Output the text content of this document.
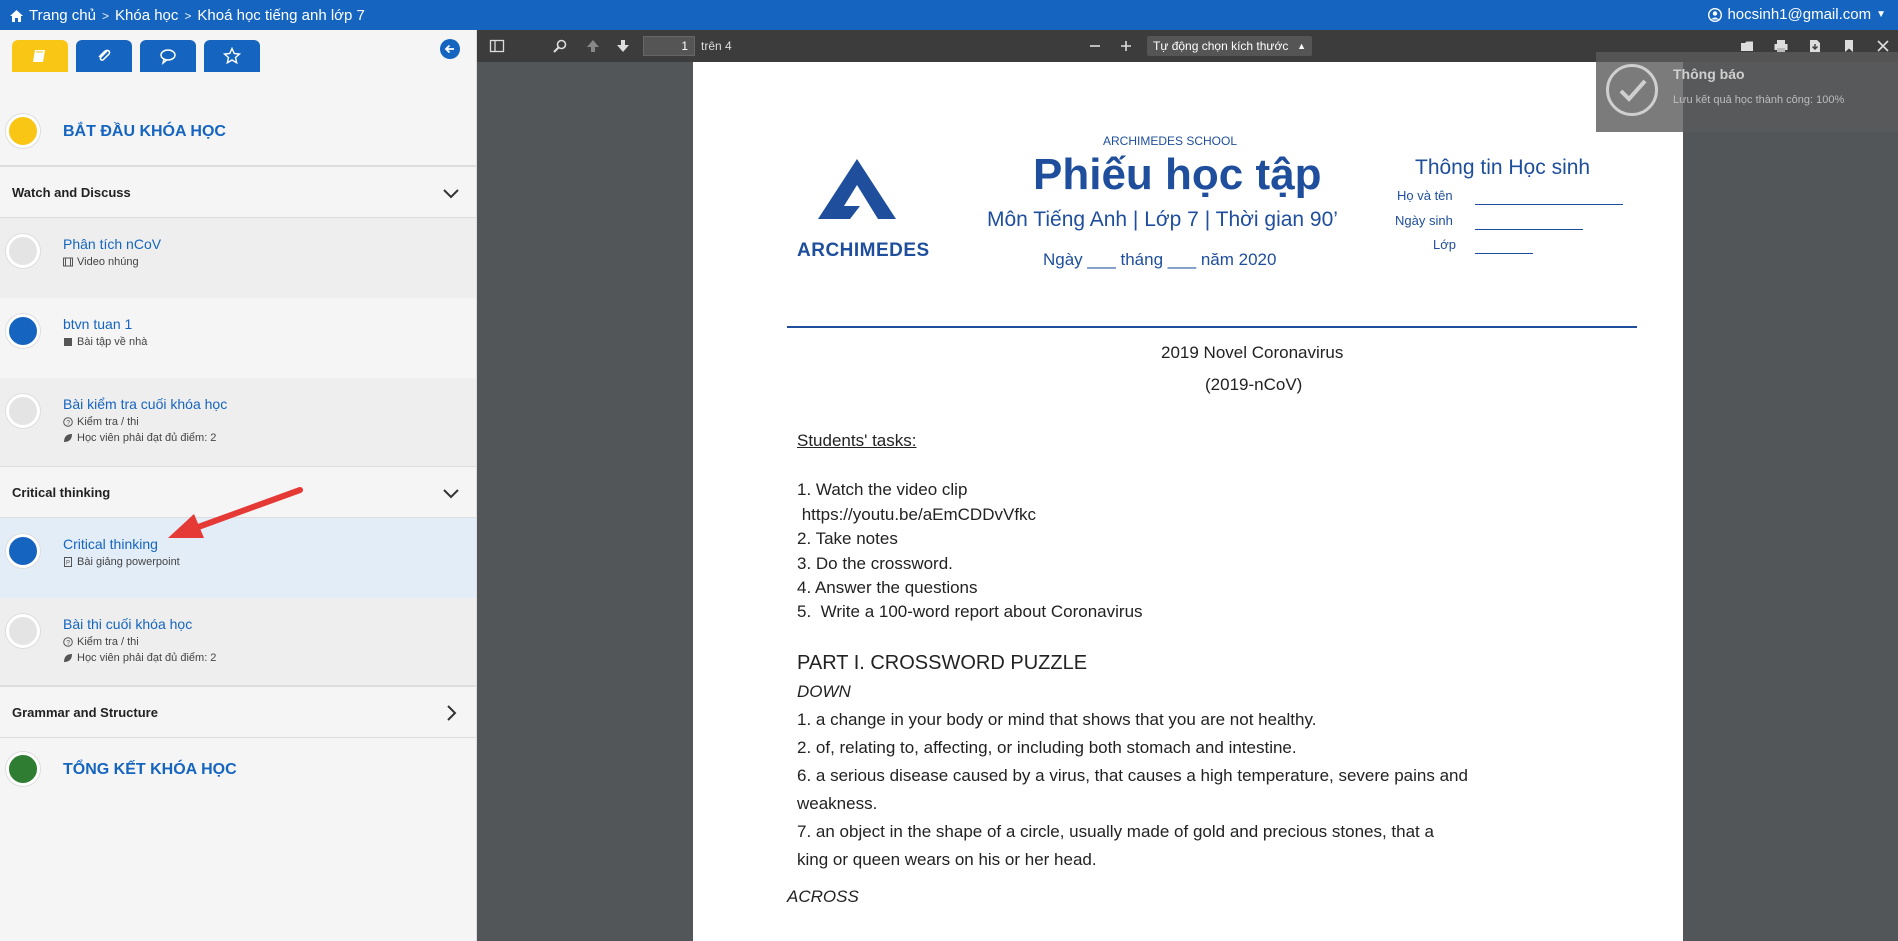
Trang chủ > Khóa học > Khoá học tiếng anh lớp 7	hocsinh1@gmail.com ▼
BẮT ĐẦU KHÓA HỌC
Watch and Discuss
Phân tích nCoV
Video nhúng
btvn tuan 1
Bài tập về nhà
Bài kiểm tra cuối khóa học
? Kiểm tra / thi
Học viên phải đạt đủ điểm: 2
Critical thinking
Critical thinking
P Bài giảng powerpoint
Bài thi cuối khóa học
? Kiểm tra / thi
Học viên phải đạt đủ điểm: 2
Grammar and Structure
TỔNG KẾT KHÓA HỌC
1	trên 4	Tự động chọn kích thước ▲

ARCHIMEDES
ARCHIMEDES SCHOOL
Phiếu học tập
Môn Tiếng Anh | Lớp 7 | Thời gian 90’
Ngày ___ tháng ___ năm 2020
Thông tin Học sinh
Họ và tên
Ngày sinh
Lớp
2019 Novel Coronavirus
(2019-nCoV)
Students' tasks:
1. Watch the video clip
https://youtu.be/aEmCDDvVfkc
2. Take notes
3. Do the crossword.
4. Answer the questions
5.  Write a 100-word report about Coronavirus
PART I. CROSSWORD PUZZLE
DOWN
1. a change in your body or mind that shows that you are not healthy.
2. of, relating to, affecting, or including both stomach and intestine.
6. a serious disease caused by a virus, that causes a high temperature, severe pains and
weakness.
7. an object in the shape of a circle, usually made of gold and precious stones, that a
king or queen wears on his or her head.
ACROSS
Thông báo
Lưu kết quả học thành công: 100%
